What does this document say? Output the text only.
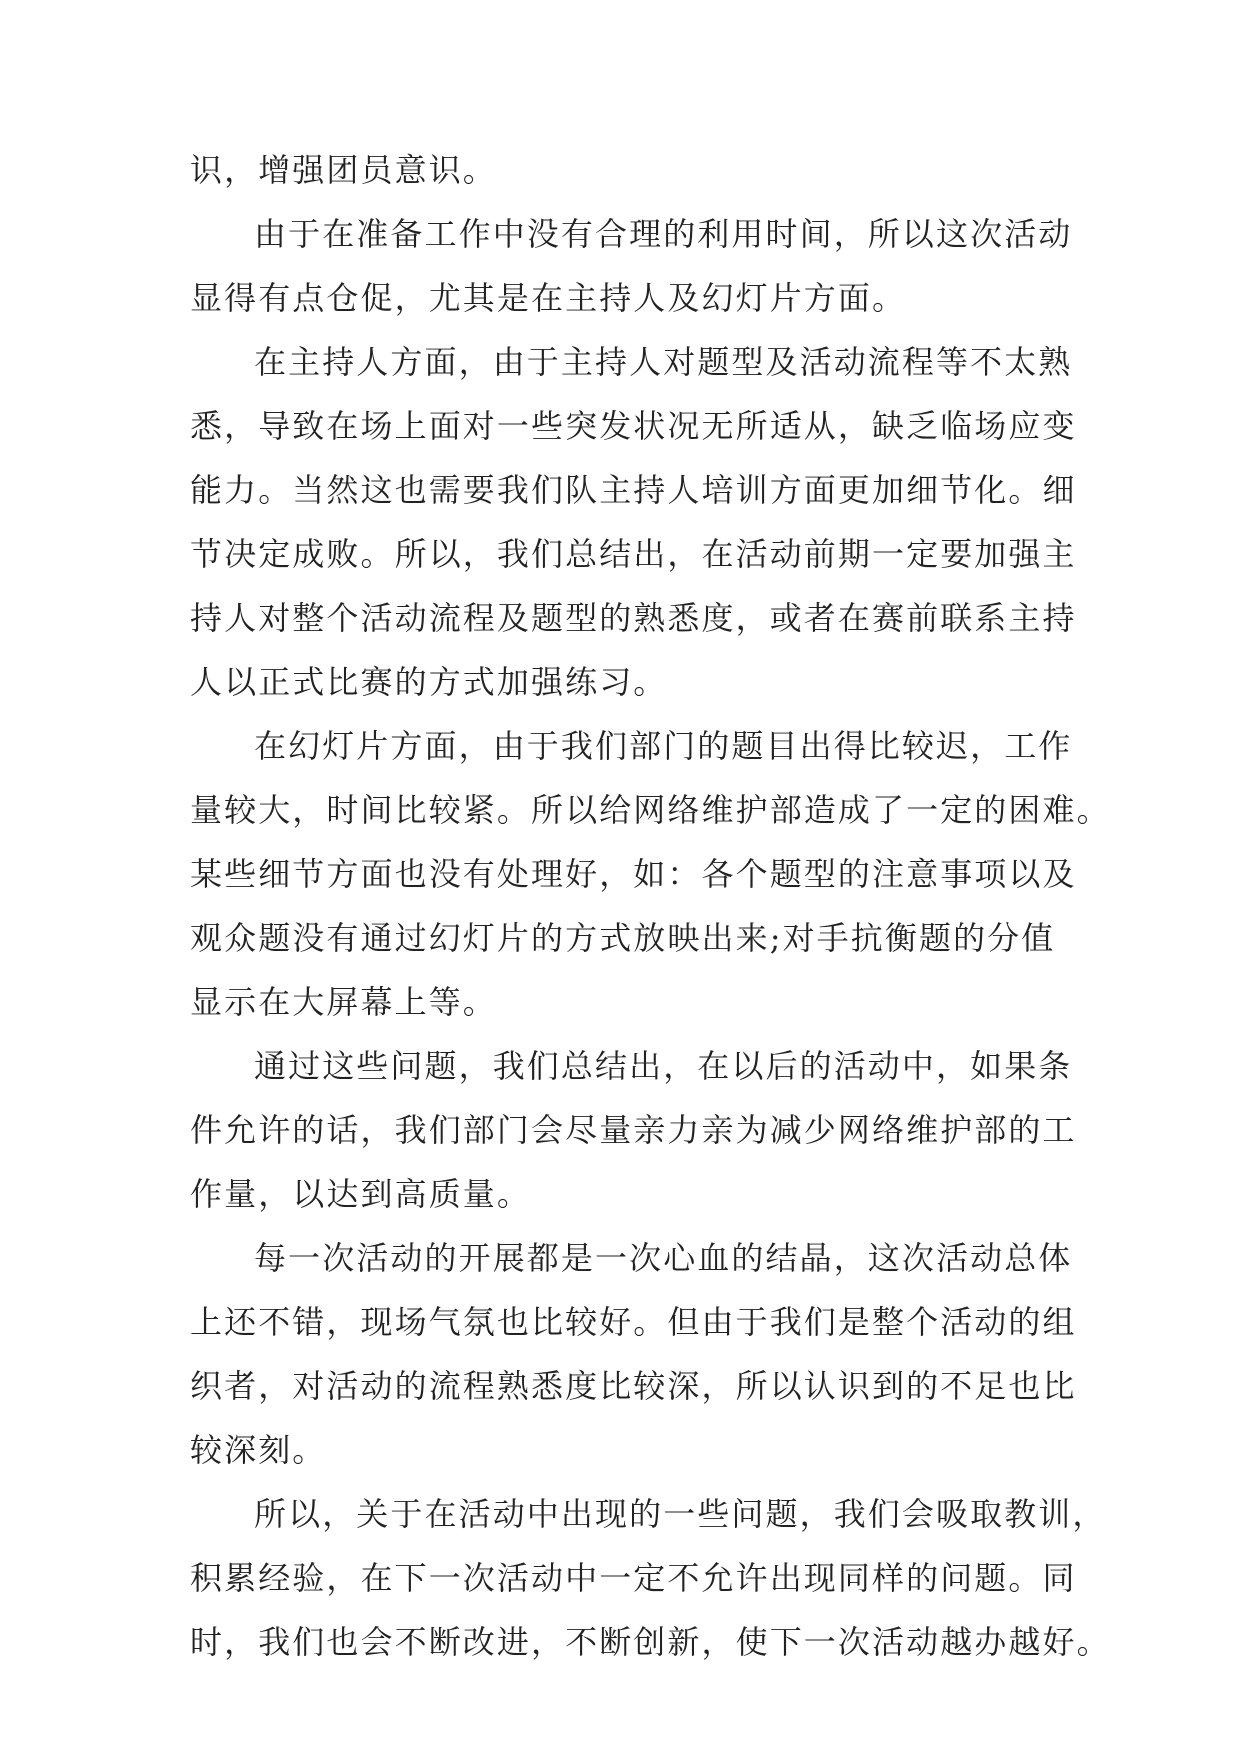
识，增强团员意识。

由于在准备工作中没有合理的利用时间，所以这次活动
显得有点仓促，尤其是在主持人及幻灯片方面。

在主持人方面，由于主持人对题型及活动流程等不太熟
悉，导致在场上面对一些突发状况无所适从，缺乏临场应变
能力。当然这也需要我们队主持人培训方面更加细节化。细
节决定成败。所以，我们总结出，在活动前期一定要加强主
持人对整个活动流程及题型的熟悉度，或者在赛前联系主持
人以正式比赛的方式加强练习。

在幻灯片方面，由于我们部门的题目出得比较迟，工作
量较大，时间比较紧。所以给网络维护部造成了一定的困难。
某些细节方面也没有处理好，如：各个题型的注意事项以及
观众题没有通过幻灯片的方式放映出来;对手抗衡题的分值
显示在大屏幕上等。

通过这些问题，我们总结出，在以后的活动中，如果条
件允许的话，我们部门会尽量亲力亲为减少网络维护部的工
作量，以达到高质量。

每一次活动的开展都是一次心血的结晶，这次活动总体
上还不错，现场气氛也比较好。但由于我们是整个活动的组
织者，对活动的流程熟悉度比较深，所以认识到的不足也比
较深刻。

所以，关于在活动中出现的一些问题，我们会吸取教训，
积累经验，在下一次活动中一定不允许出现同样的问题。同
时，我们也会不断改进，不断创新，使下一次活动越办越好。
